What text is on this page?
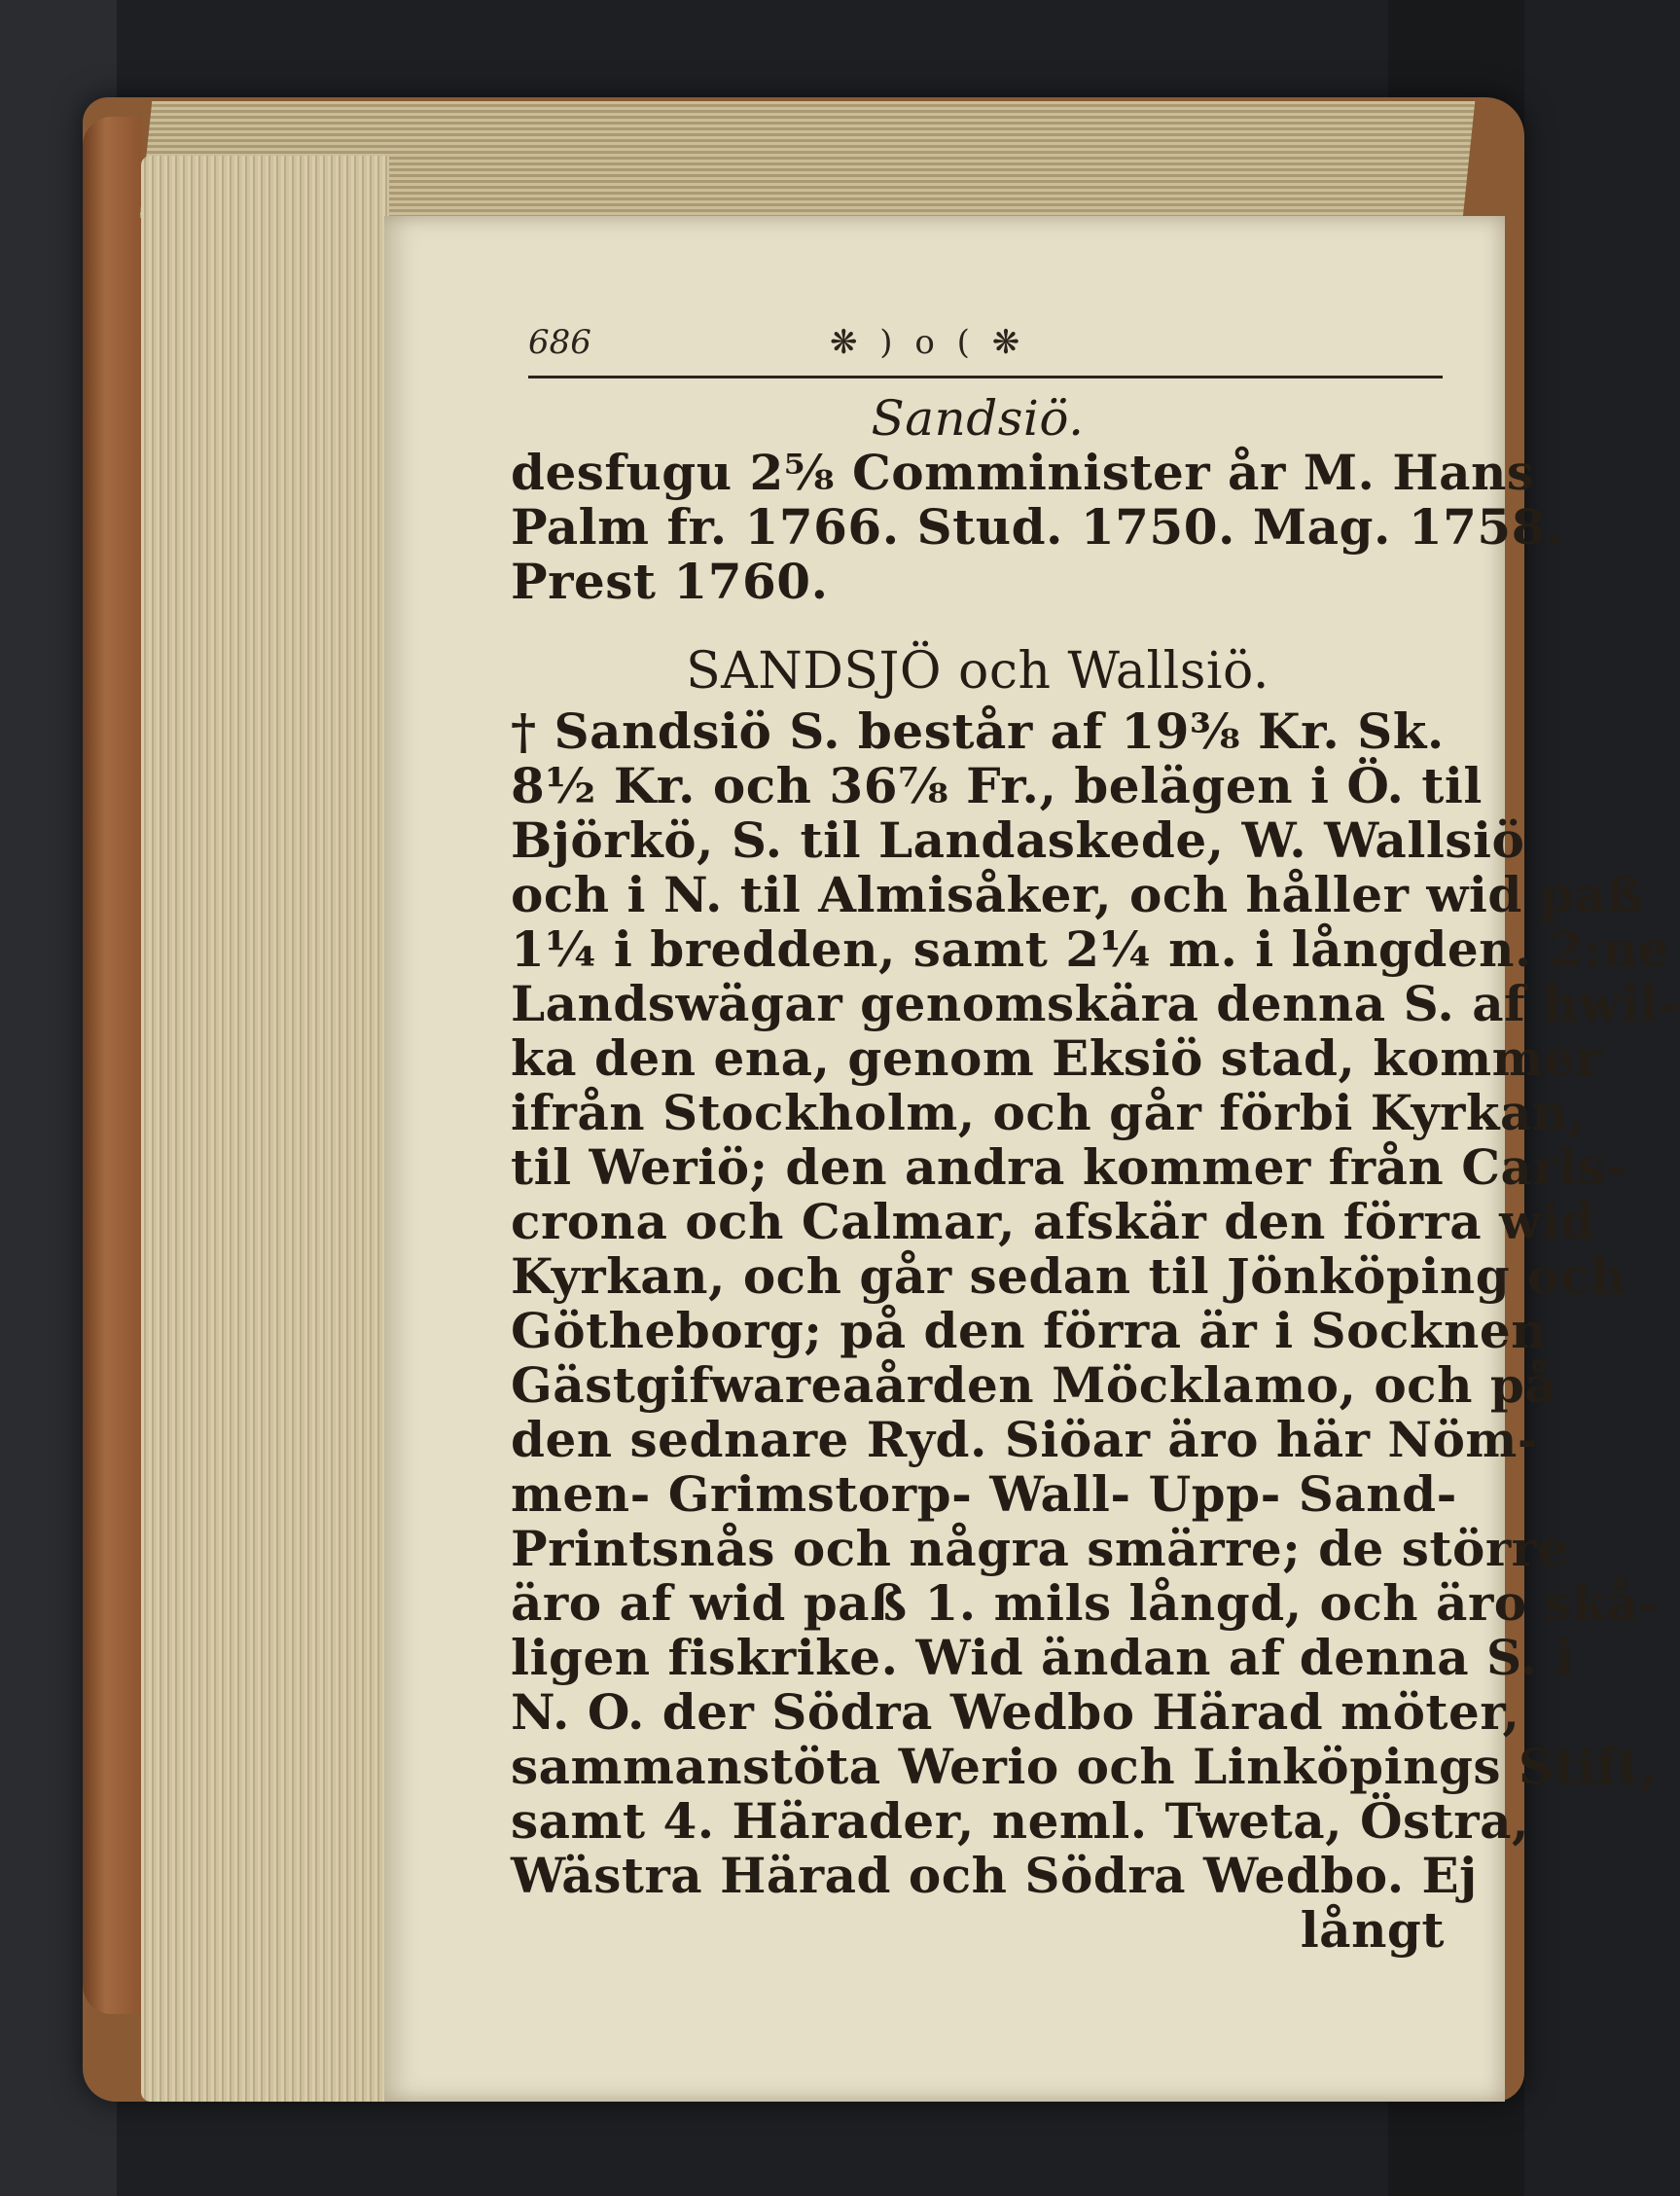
686	❋ ) o ( ❋
Sandsiö.
desfugu 2⅝ Comminister år M. Hans
Palm fr. 1766. Stud. 1750. Mag. 1758.
Prest 1760.
SANDSJÖ och Wallsiö.
† Sandsiö S. består af 19⅜ Kr. Sk.
8½ Kr. och 36⅞ Fr., belägen i Ö. til
Björkö, S. til Landaskede, W. Wallsiö
och i N. til Almisåker, och håller wid paß
1¼ i bredden, samt 2¼ m. i långden. 2:ne
Landswägar genomskära denna S. af hwil-
ka den ena, genom Eksiö stad, kommer
ifrån Stockholm, och går förbi Kyrkan,
til Weriö; den andra kommer från Carls-
crona och Calmar, afskär den förra wid
Kyrkan, och går sedan til Jönköping och
Götheborg; på den förra är i Socknen
Gästgifwareaården Möcklamo, och på
den sednare Ryd. Siöar äro här Nöm-
men- Grimstorp- Wall- Upp- Sand-
Printsnås och några smärre; de större
äro af wid paß 1. mils långd, och äro skå-
ligen fiskrike. Wid ändan af denna S. i
N. O. der Södra Wedbo Härad möter,
sammanstöta Werio och Linköpings Stift,
samt 4. Härader, neml. Tweta, Östra,
Wästra Härad och Södra Wedbo. Ej
långt
